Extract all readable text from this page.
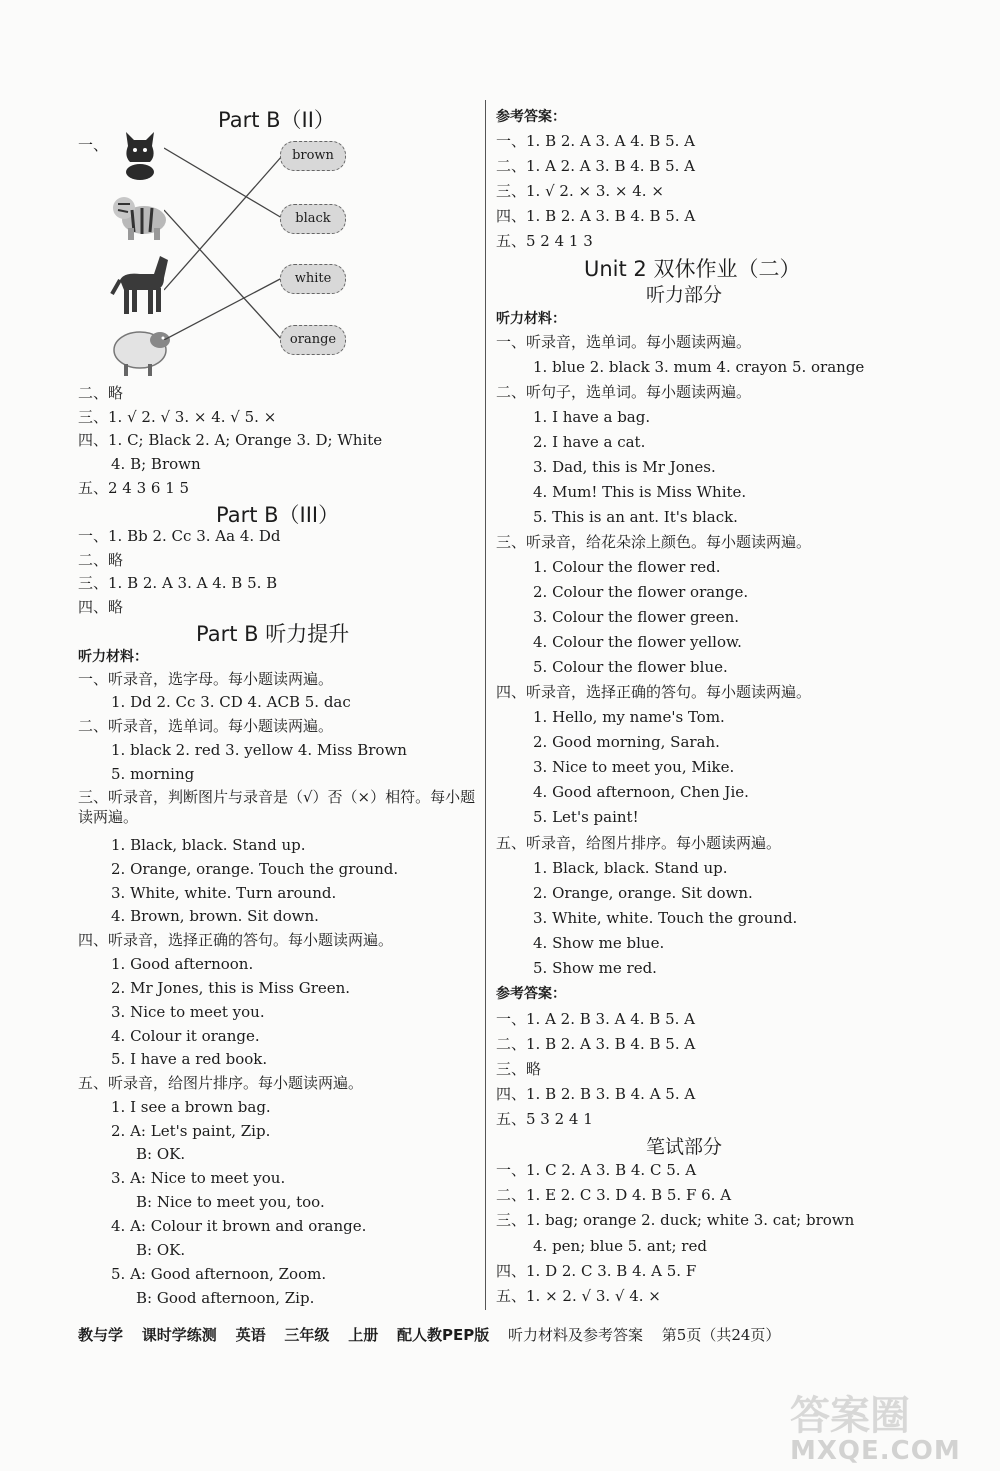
Part B（II）
一、
brown
black
white
orange
二、略
三、1. √ 2. √ 3. × 4. √ 5. ×
四、1. C; Black 2. A; Orange 3. D; White
4. B; Brown
五、2 4 3 6 1 5
Part B（III）
一、1. Bb 2. Cc 3. Aa 4. Dd
二、略
三、1. B 2. A 3. A 4. B 5. B
四、略
Part B 听力提升
听力材料：
一、听录音，选字母。每小题读两遍。
1. Dd 2. Cc 3. CD 4. ACB 5. dac
二、听录音，选单词。每小题读两遍。
1. black 2. red 3. yellow 4. Miss Brown
5. morning
三、听录音，判断图片与录音是（√）否（×）相符。每小题读两遍。
1. Black, black. Stand up.
2. Orange, orange. Touch the ground.
3. White, white. Turn around.
4. Brown, brown. Sit down.
四、听录音，选择正确的答句。每小题读两遍。
1. Good afternoon.
2. Mr Jones, this is Miss Green.
3. Nice to meet you.
4. Colour it orange.
5. I have a red book.
五、听录音，给图片排序。每小题读两遍。
1. I see a brown bag.
2. A: Let's paint, Zip.
B: OK.
3. A: Nice to meet you.
B: Nice to meet you, too.
4. A: Colour it brown and orange.
B: OK.
5. A: Good afternoon, Zoom.
B: Good afternoon, Zip.
参考答案：
一、1. B 2. A 3. A 4. B 5. A
二、1. A 2. A 3. B 4. B 5. A
三、1. √ 2. × 3. × 4. ×
四、1. B 2. A 3. B 4. B 5. A
五、5 2 4 1 3
Unit 2 双休作业（二）
听力部分
听力材料：
一、听录音，选单词。每小题读两遍。
1. blue 2. black 3. mum 4. crayon 5. orange
二、听句子，选单词。每小题读两遍。
1. I have a bag.
2. I have a cat.
3. Dad, this is Mr Jones.
4. Mum! This is Miss White.
5. This is an ant. It's black.
三、听录音，给花朵涂上颜色。每小题读两遍。
1. Colour the flower red.
2. Colour the flower orange.
3. Colour the flower green.
4. Colour the flower yellow.
5. Colour the flower blue.
四、听录音，选择正确的答句。每小题读两遍。
1. Hello, my name's Tom.
2. Good morning, Sarah.
3. Nice to meet you, Mike.
4. Good afternoon, Chen Jie.
5. Let's paint!
五、听录音，给图片排序。每小题读两遍。
1. Black, black. Stand up.
2. Orange, orange. Sit down.
3. White, white. Touch the ground.
4. Show me blue.
5. Show me red.
参考答案：
一、1. A 2. B 3. A 4. B 5. A
二、1. B 2. A 3. B 4. B 5. A
三、略
四、1. B 2. B 3. B 4. A 5. A
五、5 3 2 4 1
笔试部分
一、1. C 2. A 3. B 4. C 5. A
二、1. E 2. C 3. D 4. B 5. F 6. A
三、1. bag; orange 2. duck; white 3. cat; brown
4. pen; blue 5. ant; red
四、1. D 2. C 3. B 4. A 5. F
五、1. × 2. √ 3. √ 4. ×
教与学 课时学练测 英语 三年级 上册 配人教PEP版 听力材料及参考答案 第5页（共24页）
答案圈
MXQE.COM
